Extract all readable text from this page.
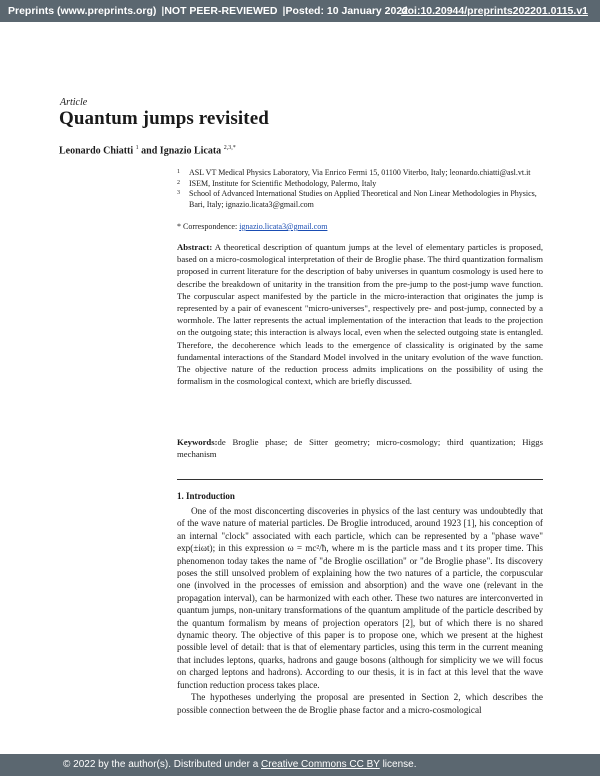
Preprints (www.preprints.org) |NOT PEER-REVIEWED |Posted: 10 January 2022
doi:10.20944/preprints202201.0115.v1
Article
Quantum jumps revisited
Leonardo Chiatti $^1$ and Ignazio Licata $^{2,3,*}$
1 ASL VT Medical Physics Laboratory, Via Enrico Fermi 15, 01100 Viterbo, Italy; leonardo.chiatti@asl.vt.it
2 ISEM, Institute for Scientific Methodology, Palermo, Italy
3 School of Advanced International Studies on Applied Theoretical and Non Linear Methodologies in Physics, Bari, Italy; ignazio.licata3@gmail.com
* Correspondence: ignazio.licata3@gmail.com
Abstract: A theoretical description of quantum jumps at the level of elementary particles is proposed, based on a micro-cosmological interpretation of their de Broglie phase. The third quantization formalism proposed in current literature for the description of baby universes in quantum cosmology is used here to describe the breakdown of unitarity in the transition from the pre-jump to the post-jump wave function. The corpuscular aspect manifested by the particle in the micro-interaction that originates the jump is represented by a pair of evanescent "micro-universes", respectively pre- and post-jump, connected by a wormhole. The latter represents the actual implementation of the interaction that leads to the projection on the outgoing state; this interaction is always local, even when the selected outgoing state is entangled. Therefore, the decoherence which leads to the emergence of classicality is originated by the same fundamental interactions of the Standard Model involved in the unitary evolution of the wave function. The objective nature of the reduction process admits implications on the possibility of using the formalism in the cosmological context, which are briefly discussed.
Keywords:de Broglie phase; de Sitter geometry; micro-cosmology; third quantization; Higgs mechanism
1. Introduction

One of the most disconcerting discoveries in physics of the last century was undoubtedly that of the wave nature of material particles. De Broglie introduced, around 1923 [1], his conception of an internal "clock" associated with each particle, which can be represented by a "phase wave" exp(±iωt); in this expression ω = mc²/ħ, where m is the particle mass and t its proper time. This phenomenon today takes the name of "de Broglie oscillation" or "de Broglie phase". Its discovery poses the still unsolved problem of explaining how the two natures of a particle, the corpuscular one (involved in the processes of emission and absorption) and the wave one (relevant in the propagation interval), can be harmonized with each other. These two natures are interconverted in quantum jumps, non-unitary transformations of the quantum amplitude of the particle described by the quantum formalism by means of projection operators [2], but of which there is no shared dynamic theory. The objective of this paper is to propose one, which we present at the highest possible level of detail: that is that of elementary particles, using this term in the current meaning that includes leptons, quarks, hadrons and gauge bosons (although for simplicity we we will focus on charged leptons and hadrons). According to our thesis, it is in fact at this level that the wave function reduction process takes place.

The hypotheses underlying the proposal are presented in Section 2, which describes the possible connection between the de Broglie phase factor and a micro-cosmological

© 2022 by the author(s). Distributed under a Creative Commons CC BY license.
